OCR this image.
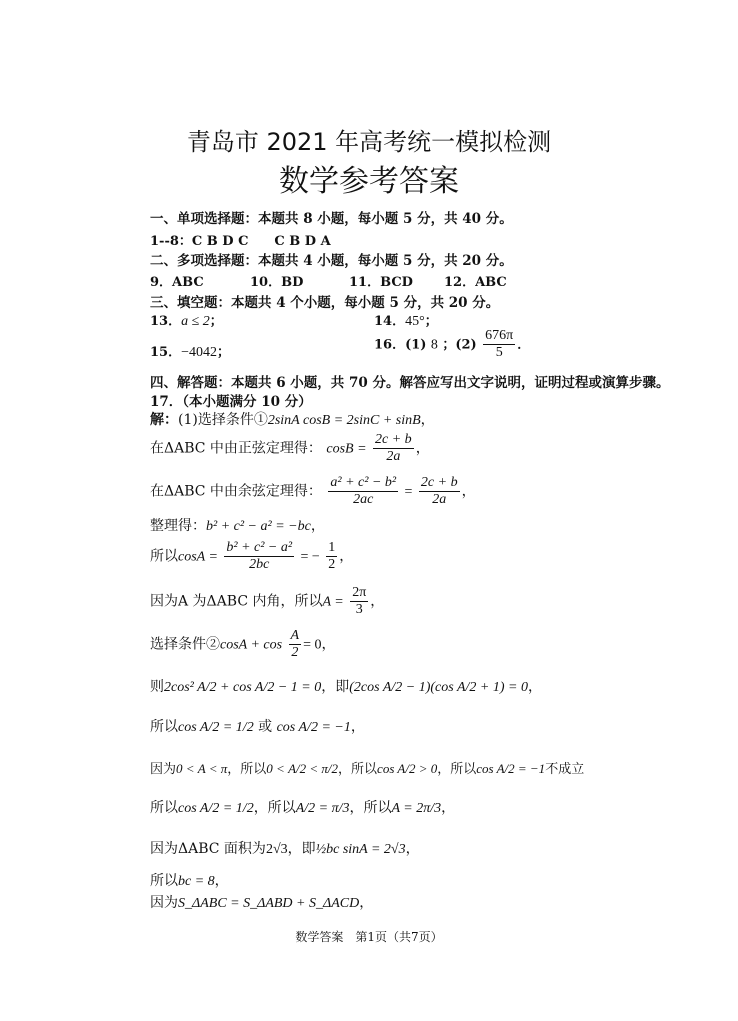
青岛市 2021 年高考统一模拟检测
数学参考答案
一、单项选择题：本题共 8 小题，每小题 5 分，共 40 分。
1--8：C B D C　　C B D A
二、多项选择题：本题共 4 小题，每小题 5 分，共 20 分。
9．ABC	10．BD	11．BCD 12．ABC
三、填空题：本题共 4 个小题，每小题 5 分，共 20 分。
13．a ≤ 2；	14．45°；
15．−4042；	16．(1) 8 ；$(2) \frac{676\pi}{5}$ ．
四、解答题：本题共 6 小题，共 70 分。解答应写出文字说明，证明过程或演算步骤。
17．（本小题满分 10 分）
解：(1)选择条件①2sinA cosB = 2sinC + sinB，
在ΔABC 中由正弦定理得： $\cos B = \frac{2c + b}{2a}$ ，
在ΔABC 中由余弦定理得： $\frac{\text{a² + c² − b²}}{2ac} = \frac{2c + b}{2a}$ ，
整理得：b² + c² − a² = −bc，
所以$\cos A = \frac{\text{b² + c² − a²}}{2bc}$ = − $\frac{1}{2}$ ，
因为A 为ΔABC 内角，所以$A = \frac{2\pi}{3}$ ，
选择条件②cosA + $\cos \frac{A}{2} = 0$，
则2cos² A/2 + cos A/2 − 1 = 0，即(2cos A/2 − 1)(cos A/2 + 1) = 0，
所以cos A/2 = 1/2 或 cos A/2 = −1，
因为0 < A < π，所以0 < A/2 < π/2，所以cos A/2 > 0，所以cos A/2 = −1不成立
所以cos A/2 = 1/2，所以A/2 = π/3，所以A = 2π/3，
因为ΔABC 面积为2√3，即½bc sinA = 2√3，
所以bc = 8，
因为S_ΔABC = S_ΔABD + S_ΔACD，
数学答案　第1页（共7页）
